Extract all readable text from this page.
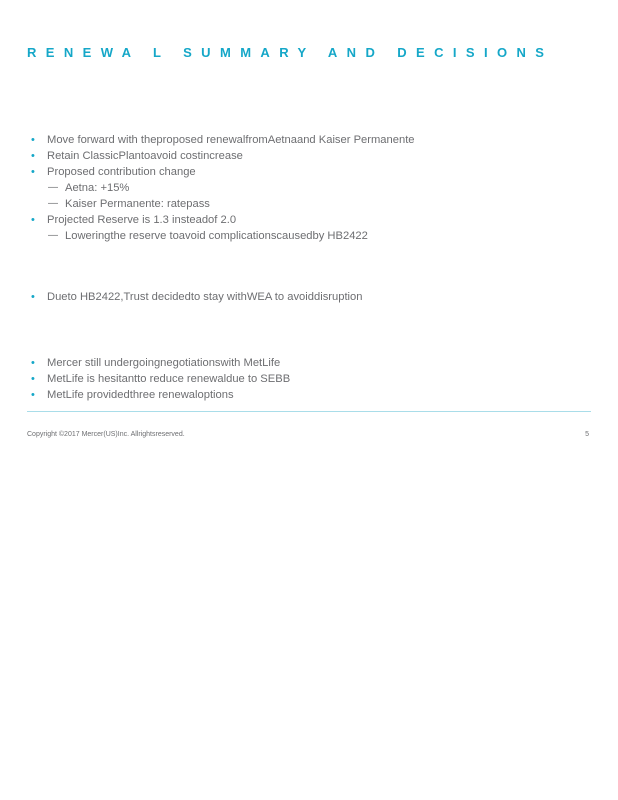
RENEWA L SUMMARY AND DECISIONS
• Move forward with theproposed renewalfromAetnaand Kaiser Permanente
• Retain ClassicPlantoavoid costincrease
• Proposed contribution change
— Aetna: +15%
— Kaiser Permanente: ratepass
• Projected Reserve is 1.3 insteadof 2.0
— Loweringthe reserve toavoid complicationscausedby HB2422
• Dueto HB2422,Trust decidedto stay withWEA to avoiddisruption
• Mercer still undergoingnegotiationswith MetLife
• MetLife is hesitantto reduce renewaldue to SEBB
• MetLife providedthree renewaloptions
Copyright ©2017 Mercer(US)Inc. Allrightsreserved.	5
